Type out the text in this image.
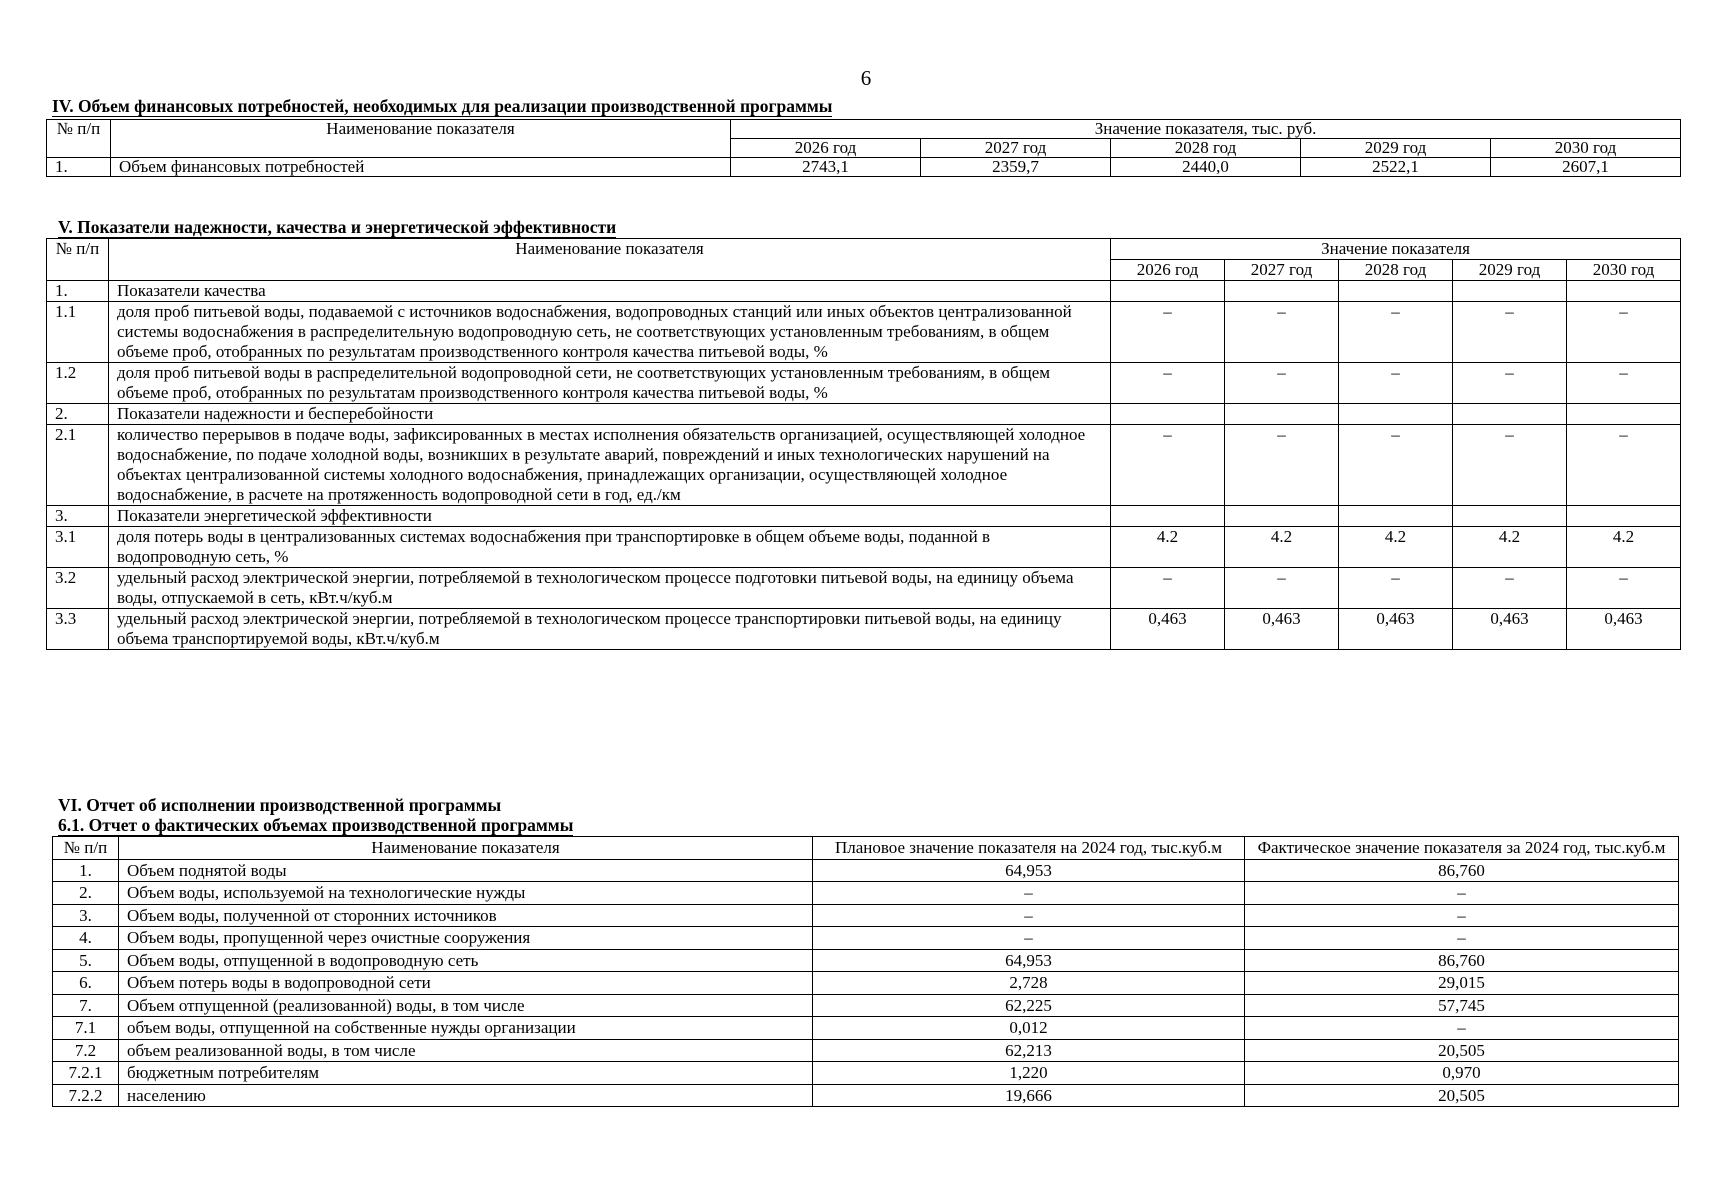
6
IV. Объем финансовых потребностей, необходимых для реализации производственной программы
№ п/п	Наименование показателя	Значение показателя, тыс. руб.				
		2026 год	2027 год	2028 год	2029 год	2030 год
1.	Объем финансовых потребностей	2743,1	2359,7	2440,0	2522,1	2607,1
V. Показатели надежности, качества и энергетической эффективности
№ п/п	Наименование показателя	Значение показателя				
		2026 год	2027 год	2028 год	2029 год	2030 год
1.	Показатели качества					
1.1	доля проб питьевой воды, подаваемой с источников водоснабжения, водопроводных станций или иных объектов централизованной системы водоснабжения в распределительную водопроводную сеть, не соответствующих установленным требованиям, в общем объеме проб, отобранных по результатам производственного контроля качества питьевой воды, %	–	–	–	–	–
1.2	доля проб питьевой воды в распределительной водопроводной сети, не соответствующих установленным требованиям, в общем объеме проб, отобранных по результатам производственного контроля качества питьевой воды, %	–	–	–	–	–
2.	Показатели надежности и бесперебойности					
2.1	количество перерывов в подаче воды, зафиксированных в местах исполнения обязательств организацией, осуществляющей холодное водоснабжение, по подаче холодной воды, возникших в результате аварий, повреждений и иных технологических нарушений на объектах централизованной системы холодного водоснабжения, принадлежащих организации, осуществляющей холодное водоснабжение, в расчете на протяженность водопроводной сети в год, ед./км	–	–	–	–	–
3.	Показатели энергетической эффективности					
3.1	доля потерь воды в централизованных системах водоснабжения при транспортировке в общем объеме воды, поданной в водопроводную сеть, %	4.2	4.2	4.2	4.2	4.2
3.2	удельный расход электрической энергии, потребляемой в технологическом процессе подготовки питьевой воды, на единицу объема воды, отпускаемой в сеть, кВт.ч/куб.м	–	–	–	–	–
3.3	удельный расход электрической энергии, потребляемой в технологическом процессе транспортировки питьевой воды, на единицу объема транспортируемой воды, кВт.ч/куб.м	0,463	0,463	0,463	0,463	0,463
VI. Отчет об исполнении производственной программы
6.1. Отчет о фактических объемах производственной программы
№ п/п	Наименование показателя	Плановое значение показателя на 2024 год, тыс.куб.м	Фактическое значение показателя за 2024 год, тыс.куб.м
1.	Объем поднятой воды	64,953	86,760
2.	Объем воды, используемой на технологические нужды	–	–
3.	Объем воды, полученной от сторонних источников	–	–
4.	Объем воды, пропущенной через очистные сооружения	–	–
5.	Объем воды, отпущенной в водопроводную сеть	64,953	86,760
6.	Объем потерь воды в водопроводной сети	2,728	29,015
7.	Объем отпущенной (реализованной) воды, в том числе	62,225	57,745
7.1	объем воды, отпущенной на собственные нужды организации	0,012	–
7.2	объем реализованной воды, в том числе	62,213	20,505
7.2.1	бюджетным потребителям	1,220	0,970
7.2.2	населению	19,666	20,505
